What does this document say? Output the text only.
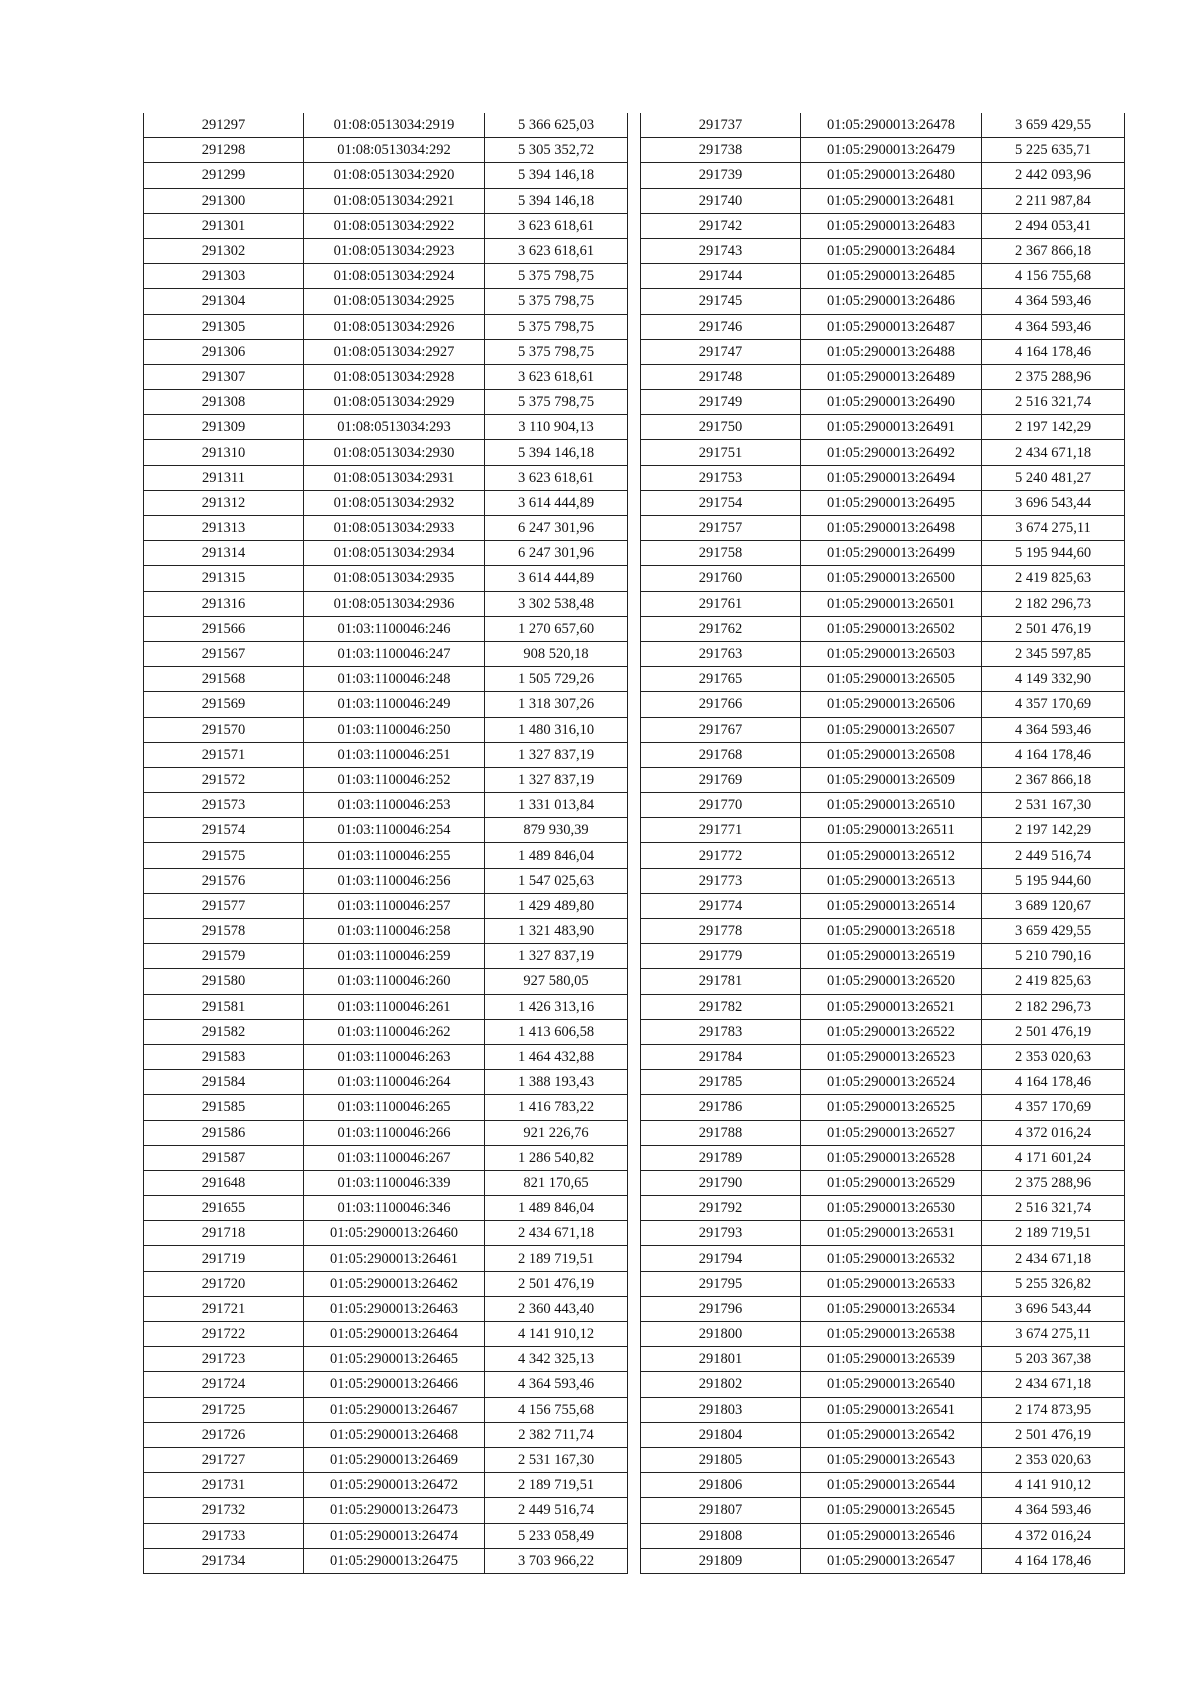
291297	01:08:0513034:2919	5 366 625,03
291298	01:08:0513034:292	5 305 352,72
291299	01:08:0513034:2920	5 394 146,18
291300	01:08:0513034:2921	5 394 146,18
291301	01:08:0513034:2922	3 623 618,61
291302	01:08:0513034:2923	3 623 618,61
291303	01:08:0513034:2924	5 375 798,75
291304	01:08:0513034:2925	5 375 798,75
291305	01:08:0513034:2926	5 375 798,75
291306	01:08:0513034:2927	5 375 798,75
291307	01:08:0513034:2928	3 623 618,61
291308	01:08:0513034:2929	5 375 798,75
291309	01:08:0513034:293	3 110 904,13
291310	01:08:0513034:2930	5 394 146,18
291311	01:08:0513034:2931	3 623 618,61
291312	01:08:0513034:2932	3 614 444,89
291313	01:08:0513034:2933	6 247 301,96
291314	01:08:0513034:2934	6 247 301,96
291315	01:08:0513034:2935	3 614 444,89
291316	01:08:0513034:2936	3 302 538,48
291566	01:03:1100046:246	1 270 657,60
291567	01:03:1100046:247	908 520,18
291568	01:03:1100046:248	1 505 729,26
291569	01:03:1100046:249	1 318 307,26
291570	01:03:1100046:250	1 480 316,10
291571	01:03:1100046:251	1 327 837,19
291572	01:03:1100046:252	1 327 837,19
291573	01:03:1100046:253	1 331 013,84
291574	01:03:1100046:254	879 930,39
291575	01:03:1100046:255	1 489 846,04
291576	01:03:1100046:256	1 547 025,63
291577	01:03:1100046:257	1 429 489,80
291578	01:03:1100046:258	1 321 483,90
291579	01:03:1100046:259	1 327 837,19
291580	01:03:1100046:260	927 580,05
291581	01:03:1100046:261	1 426 313,16
291582	01:03:1100046:262	1 413 606,58
291583	01:03:1100046:263	1 464 432,88
291584	01:03:1100046:264	1 388 193,43
291585	01:03:1100046:265	1 416 783,22
291586	01:03:1100046:266	921 226,76
291587	01:03:1100046:267	1 286 540,82
291648	01:03:1100046:339	821 170,65
291655	01:03:1100046:346	1 489 846,04
291718	01:05:2900013:26460	2 434 671,18
291719	01:05:2900013:26461	2 189 719,51
291720	01:05:2900013:26462	2 501 476,19
291721	01:05:2900013:26463	2 360 443,40
291722	01:05:2900013:26464	4 141 910,12
291723	01:05:2900013:26465	4 342 325,13
291724	01:05:2900013:26466	4 364 593,46
291725	01:05:2900013:26467	4 156 755,68
291726	01:05:2900013:26468	2 382 711,74
291727	01:05:2900013:26469	2 531 167,30
291731	01:05:2900013:26472	2 189 719,51
291732	01:05:2900013:26473	2 449 516,74
291733	01:05:2900013:26474	5 233 058,49
291734	01:05:2900013:26475	3 703 966,22
291737	01:05:2900013:26478	3 659 429,55
291738	01:05:2900013:26479	5 225 635,71
291739	01:05:2900013:26480	2 442 093,96
291740	01:05:2900013:26481	2 211 987,84
291742	01:05:2900013:26483	2 494 053,41
291743	01:05:2900013:26484	2 367 866,18
291744	01:05:2900013:26485	4 156 755,68
291745	01:05:2900013:26486	4 364 593,46
291746	01:05:2900013:26487	4 364 593,46
291747	01:05:2900013:26488	4 164 178,46
291748	01:05:2900013:26489	2 375 288,96
291749	01:05:2900013:26490	2 516 321,74
291750	01:05:2900013:26491	2 197 142,29
291751	01:05:2900013:26492	2 434 671,18
291753	01:05:2900013:26494	5 240 481,27
291754	01:05:2900013:26495	3 696 543,44
291757	01:05:2900013:26498	3 674 275,11
291758	01:05:2900013:26499	5 195 944,60
291760	01:05:2900013:26500	2 419 825,63
291761	01:05:2900013:26501	2 182 296,73
291762	01:05:2900013:26502	2 501 476,19
291763	01:05:2900013:26503	2 345 597,85
291765	01:05:2900013:26505	4 149 332,90
291766	01:05:2900013:26506	4 357 170,69
291767	01:05:2900013:26507	4 364 593,46
291768	01:05:2900013:26508	4 164 178,46
291769	01:05:2900013:26509	2 367 866,18
291770	01:05:2900013:26510	2 531 167,30
291771	01:05:2900013:26511	2 197 142,29
291772	01:05:2900013:26512	2 449 516,74
291773	01:05:2900013:26513	5 195 944,60
291774	01:05:2900013:26514	3 689 120,67
291778	01:05:2900013:26518	3 659 429,55
291779	01:05:2900013:26519	5 210 790,16
291781	01:05:2900013:26520	2 419 825,63
291782	01:05:2900013:26521	2 182 296,73
291783	01:05:2900013:26522	2 501 476,19
291784	01:05:2900013:26523	2 353 020,63
291785	01:05:2900013:26524	4 164 178,46
291786	01:05:2900013:26525	4 357 170,69
291788	01:05:2900013:26527	4 372 016,24
291789	01:05:2900013:26528	4 171 601,24
291790	01:05:2900013:26529	2 375 288,96
291792	01:05:2900013:26530	2 516 321,74
291793	01:05:2900013:26531	2 189 719,51
291794	01:05:2900013:26532	2 434 671,18
291795	01:05:2900013:26533	5 255 326,82
291796	01:05:2900013:26534	3 696 543,44
291800	01:05:2900013:26538	3 674 275,11
291801	01:05:2900013:26539	5 203 367,38
291802	01:05:2900013:26540	2 434 671,18
291803	01:05:2900013:26541	2 174 873,95
291804	01:05:2900013:26542	2 501 476,19
291805	01:05:2900013:26543	2 353 020,63
291806	01:05:2900013:26544	4 141 910,12
291807	01:05:2900013:26545	4 364 593,46
291808	01:05:2900013:26546	4 372 016,24
291809	01:05:2900013:26547	4 164 178,46
